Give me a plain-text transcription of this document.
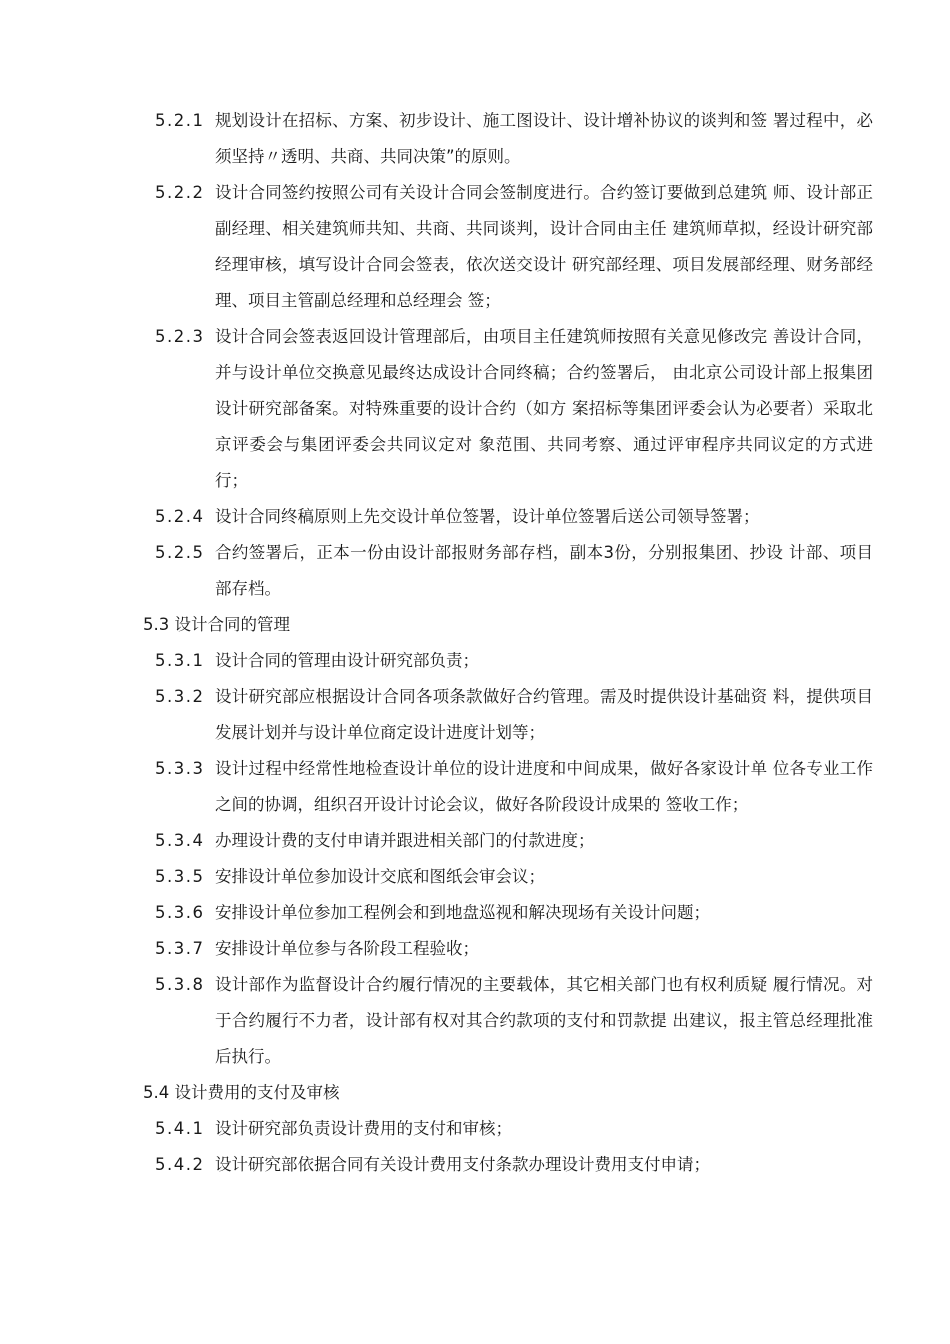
5.2.1 规划设计在招标、方案、初步设计、施工图设计、设计增补协议的谈判和签 署过程中，必须坚持〃透明、共商、共同决策”的原则。
5.2.2 设计合同签约按照公司有关设计合同会签制度进行。合约签订要做到总建筑 师、设计部正副经理、相关建筑师共知、共商、共同谈判，设计合同由主任 建筑师草拟，经设计研究部经理审核，填写设计合同会签表，依次送交设计 研究部经理、项目发展部经理、财务部经理、项目主管副总经理和总经理会 签；
5.2.3 设计合同会签表返回设计管理部后，由项目主任建筑师按照有关意见修改完 善设计合同，并与设计单位交换意见最终达成设计合同终稿；合约签署后， 由北京公司设计部上报集团设计研究部备案。对特殊重要的设计合约（如方 案招标等集团评委会认为必要者）采取北京评委会与集团评委会共同议定对 象范围、共同考察、通过评审程序共同议定的方式进行；
5.2.4 设计合同终稿原则上先交设计单位签署，设计单位签署后送公司领导签署；
5.2.5 合约签署后，正本一份由设计部报财务部存档，副本3份，分别报集团、抄设 计部、项目部存档。
5.3 设计合同的管理
5.3.1 设计合同的管理由设计研究部负责；
5.3.2 设计研究部应根据设计合同各项条款做好合约管理。需及时提供设计基础资 料，提供项目发展计划并与设计单位商定设计进度计划等；
5.3.3 设计过程中经常性地检查设计单位的设计进度和中间成果，做好各家设计单 位各专业工作之间的协调，组织召开设计讨论会议，做好各阶段设计成果的 签收工作；
5.3.4 办理设计费的支付申请并跟进相关部门的付款进度；
5.3.5 安排设计单位参加设计交底和图纸会审会议；
5.3.6 安排设计单位参加工程例会和到地盘巡视和解决现场有关设计问题；
5.3.7 安排设计单位参与各阶段工程验收；
5.3.8 设计部作为监督设计合约履行情况的主要载体，其它相关部门也有权利质疑 履行情况。对于合约履行不力者，设计部有权对其合约款项的支付和罚款提 出建议，报主管总经理批准后执行。
5.4 设计费用的支付及审核
5.4.1 设计研究部负责设计费用的支付和审核；
5.4.2 设计研究部依据合同有关设计费用支付条款办理设计费用支付申请；
